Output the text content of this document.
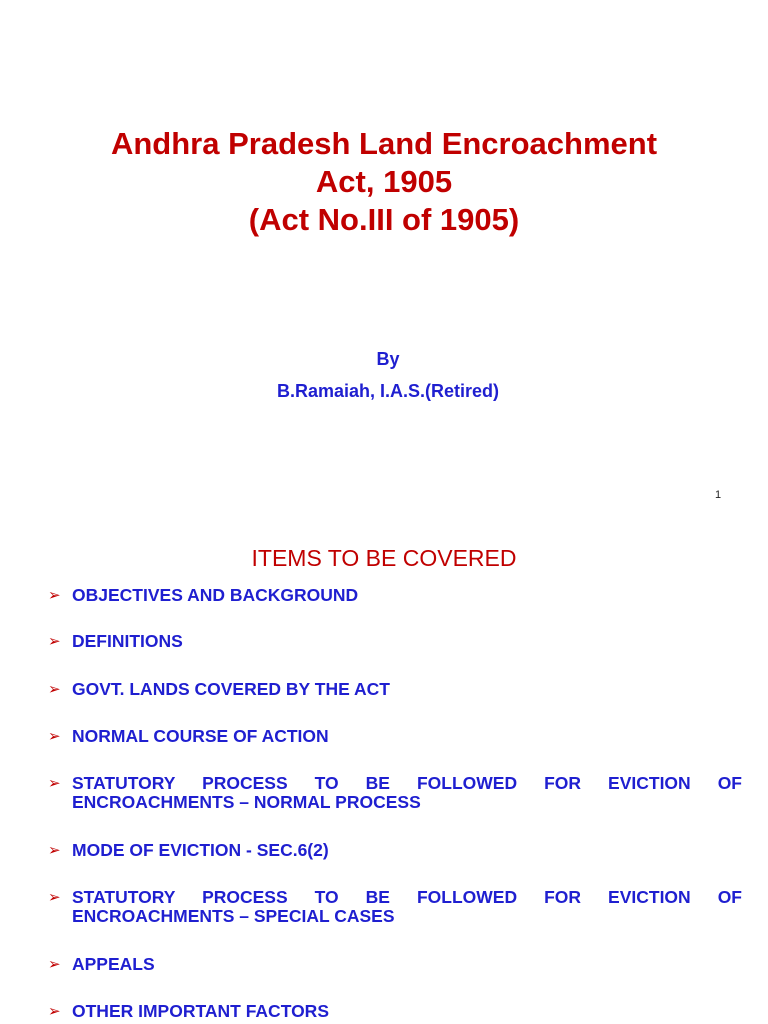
Andhra Pradesh Land Encroachment
Act, 1905
(Act No.III of 1905)
By
B.Ramaiah, I.A.S.(Retired)
1
ITEMS TO BE COVERED
➢ OBJECTIVES AND BACKGROUND
➢ DEFINITIONS
➢ GOVT. LANDS COVERED BY THE ACT
➢ NORMAL COURSE OF ACTION
➢ STATUTORY PROCESS TO BE FOLLOWED FOR EVICTION OF
ENCROACHMENTS – NORMAL PROCESS
➢ MODE OF EVICTION - SEC.6(2)
➢ STATUTORY PROCESS TO BE FOLLOWED FOR EVICTION OF
ENCROACHMENTS – SPECIAL CASES
➢ APPEALS
➢ OTHER IMPORTANT FACTORS
